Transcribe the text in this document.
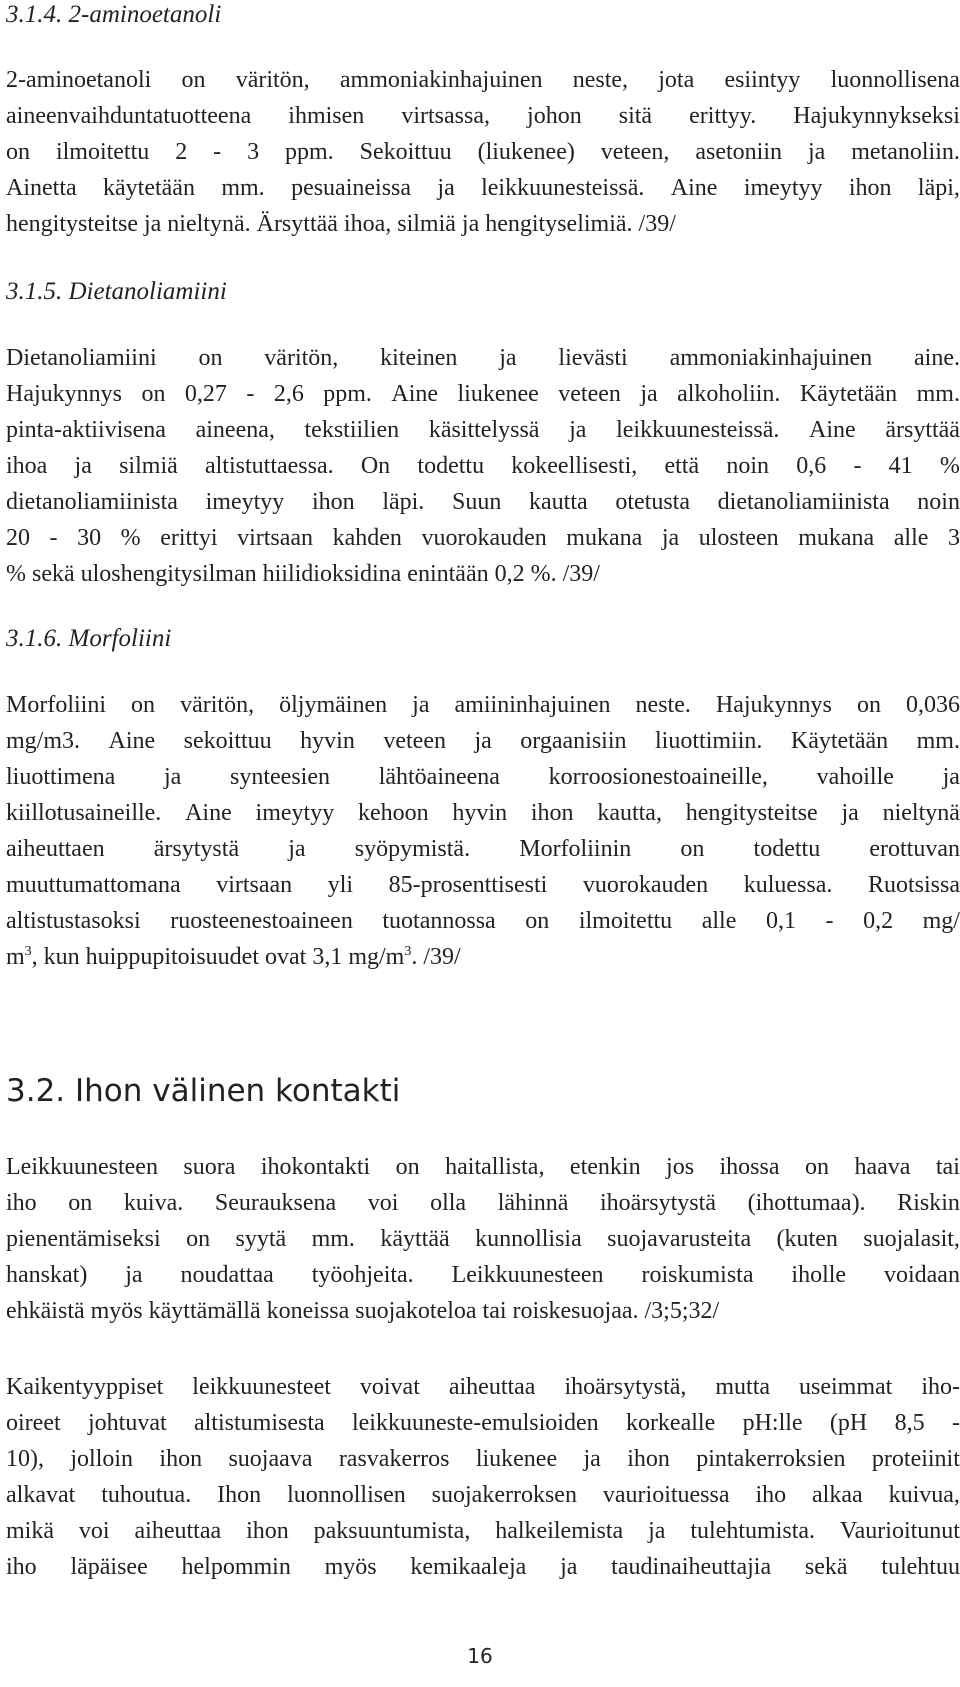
3.1.4. 2-aminoetanoli
2-aminoetanoli on väritön, ammoniakinhajuinen neste, jota esiintyy luonnollisena
aineenvaihduntatuotteena ihmisen virtsassa, johon sitä erittyy. Hajukynnykseksi
on ilmoitettu 2 - 3 ppm. Sekoittuu (liukenee) veteen, asetoniin ja metanoliin.
Ainetta käytetään mm. pesuaineissa ja leikkuunesteissä. Aine imeytyy ihon läpi,
hengitysteitse ja nieltynä. Ärsyttää ihoa, silmiä ja hengityselimiä. /39/
3.1.5. Dietanoliamiini
Dietanoliamiini on väritön, kiteinen ja lievästi ammoniakinhajuinen aine.
Hajukynnys on 0,27 - 2,6 ppm. Aine liukenee veteen ja alkoholiin. Käytetään mm.
pinta-aktiivisena aineena, tekstiilien käsittelyssä ja leikkuunesteissä. Aine ärsyttää
ihoa ja silmiä altistuttaessa. On todettu kokeellisesti, että noin 0,6 - 41 %
dietanoliamiinista imeytyy ihon läpi. Suun kautta otetusta dietanoliamiinista noin
20 - 30 % erittyi virtsaan kahden vuorokauden mukana ja ulosteen mukana alle 3
% sekä uloshengitysilman hiilidioksidina enintään 0,2 %. /39/
3.1.6. Morfoliini
Morfoliini on väritön, öljymäinen ja amiininhajuinen neste. Hajukynnys on 0,036
mg/m3. Aine sekoittuu hyvin veteen ja orgaanisiin liuottimiin. Käytetään mm.
liuottimena ja synteesien lähtöaineena korroosionestoaineille, vahoille ja
kiillotusaineille. Aine imeytyy kehoon hyvin ihon kautta, hengitysteitse ja nieltynä
aiheuttaen ärsytystä ja syöpymistä. Morfoliinin on todettu erottuvan
muuttumattomana virtsaan yli 85-prosenttisesti vuorokauden kuluessa. Ruotsissa
altistustasoksi ruosteenestoaineen tuotannossa on ilmoitettu alle 0,1 - 0,2 mg/
$m^3$, kun huippupitoisuudet ovat 3,1 $mg/m^3$. /39/
3.2. Ihon välinen kontakti
Leikkuunesteen suora ihokontakti on haitallista, etenkin jos ihossa on haava tai
iho on kuiva. Seurauksena voi olla lähinnä ihoärsytystä (ihottumaa). Riskin
pienentämiseksi on syytä mm. käyttää kunnollisia suojavarusteita (kuten suojalasit,
hanskat) ja noudattaa työohjeita. Leikkuunesteen roiskumista iholle voidaan
ehkäistä myös käyttämällä koneissa suojakoteloa tai roiskesuojaa. /3;5;32/
Kaikentyyppiset leikkuunesteet voivat aiheuttaa ihoärsytystä, mutta useimmat iho-
oireet johtuvat altistumisesta leikkuuneste-emulsioiden korkealle pH:lle (pH 8,5 -
10), jolloin ihon suojaava rasvakerros liukenee ja ihon pintakerroksien proteiinit
alkavat tuhoutua. Ihon luonnollisen suojakerroksen vaurioituessa iho alkaa kuivua,
mikä voi aiheuttaa ihon paksuuntumista, halkeilemista ja tulehtumista. Vaurioitunut
iho läpäisee helpommin myös kemikaaleja ja taudinaiheuttajia sekä tulehtuu
16
